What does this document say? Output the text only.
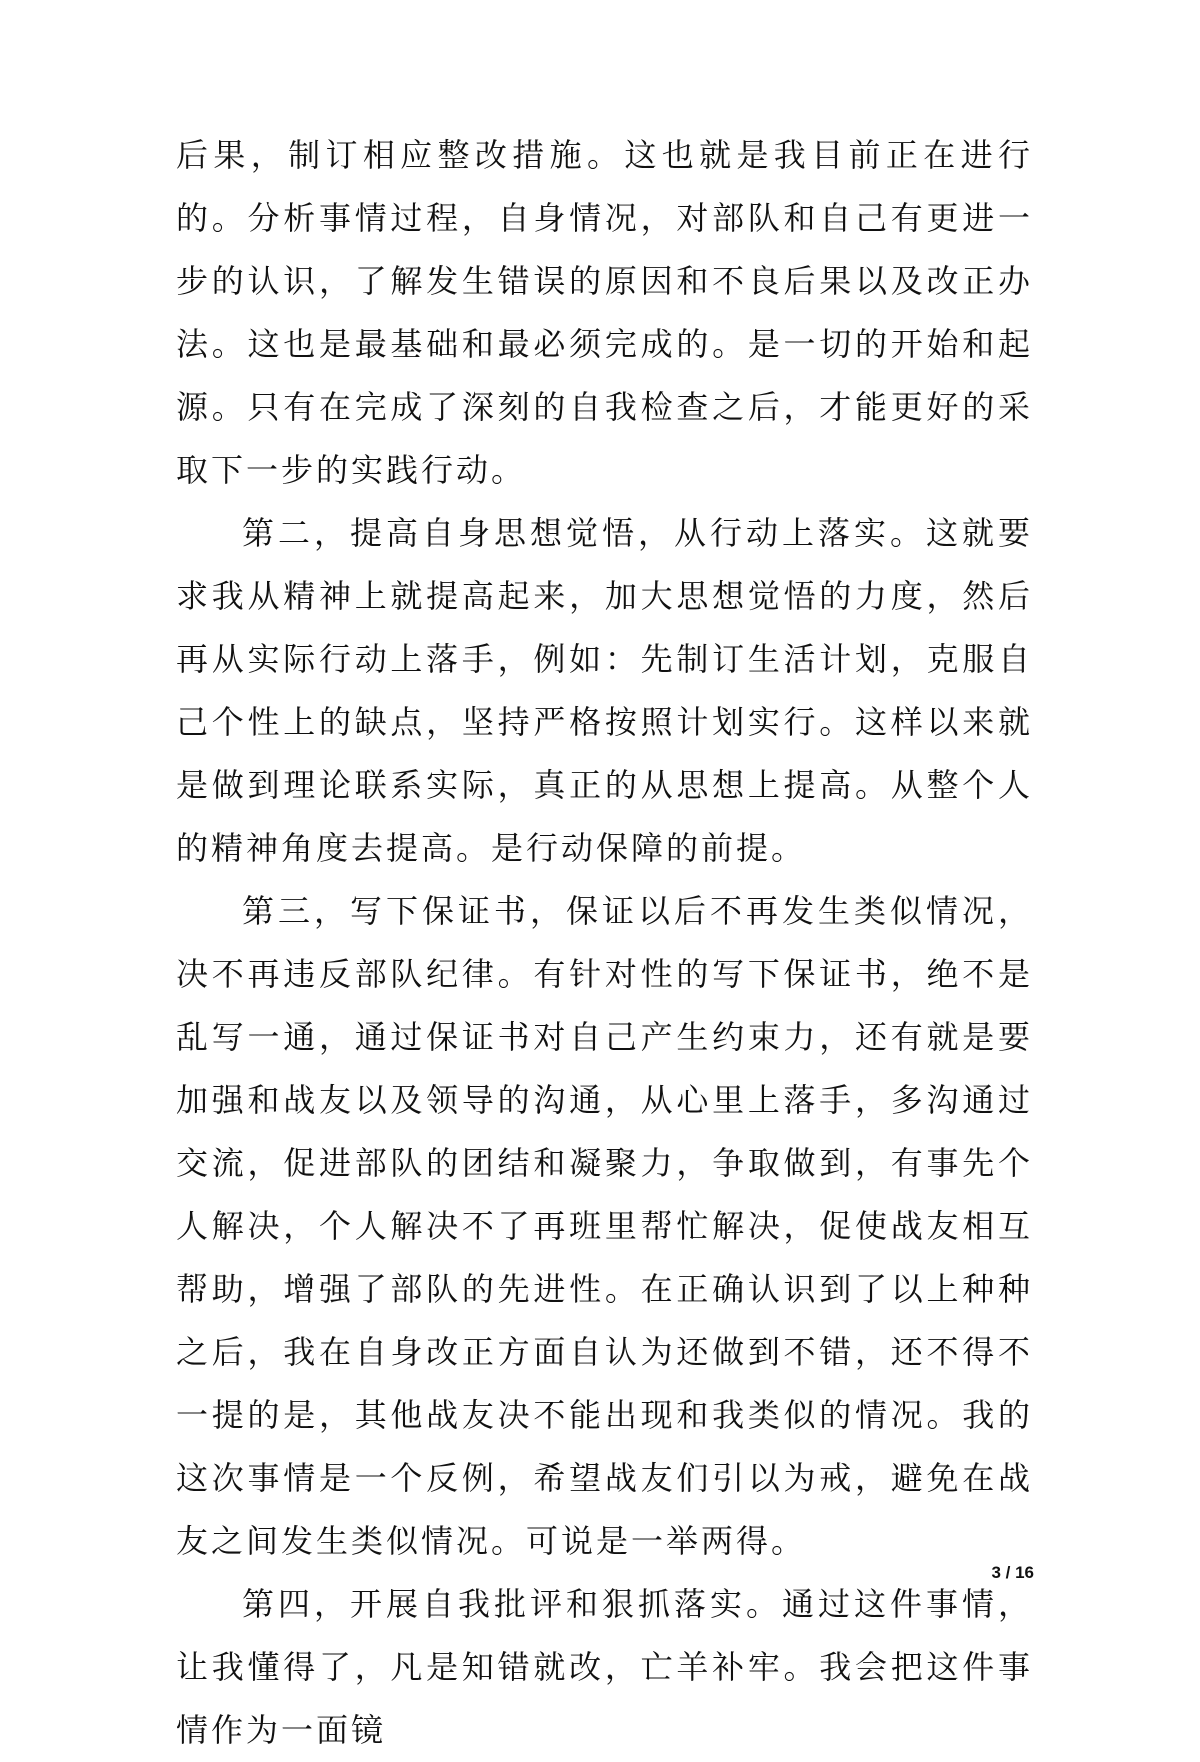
后果，制订相应整改措施。这也就是我目前正在进行的。分析事情过程，自身情况，对部队和自己有更进一步的认识，了解发生错误的原因和不良后果以及改正办法。这也是最基础和最必须完成的。是一切的开始和起源。只有在完成了深刻的自我检查之后，才能更好的采取下一步的实践行动。

第二，提高自身思想觉悟，从行动上落实。这就要求我从精神上就提高起来，加大思想觉悟的力度，然后再从实际行动上落手，例如：先制订生活计划，克服自己个性上的缺点，坚持严格按照计划实行。这样以来就是做到理论联系实际，真正的从思想上提高。从整个人的精神角度去提高。是行动保障的前提。

第三，写下保证书，保证以后不再发生类似情况，决不再违反部队纪律。有针对性的写下保证书，绝不是乱写一通，通过保证书对自己产生约束力，还有就是要加强和战友以及领导的沟通，从心里上落手，多沟通过交流，促进部队的团结和凝聚力，争取做到，有事先个人解决，个人解决不了再班里帮忙解决，促使战友相互帮助，增强了部队的先进性。在正确认识到了以上种种之后，我在自身改正方面自认为还做到不错，还不得不一提的是，其他战友决不能出现和我类似的情况。我的这次事情是一个反例，希望战友们引以为戒，避免在战友之间发生类似情况。可说是一举两得。

第四，开展自我批评和狠抓落实。通过这件事情，让我懂得了，凡是知错就改，亡羊补牢。我会把这件事情作为一面镜

3 / 16
